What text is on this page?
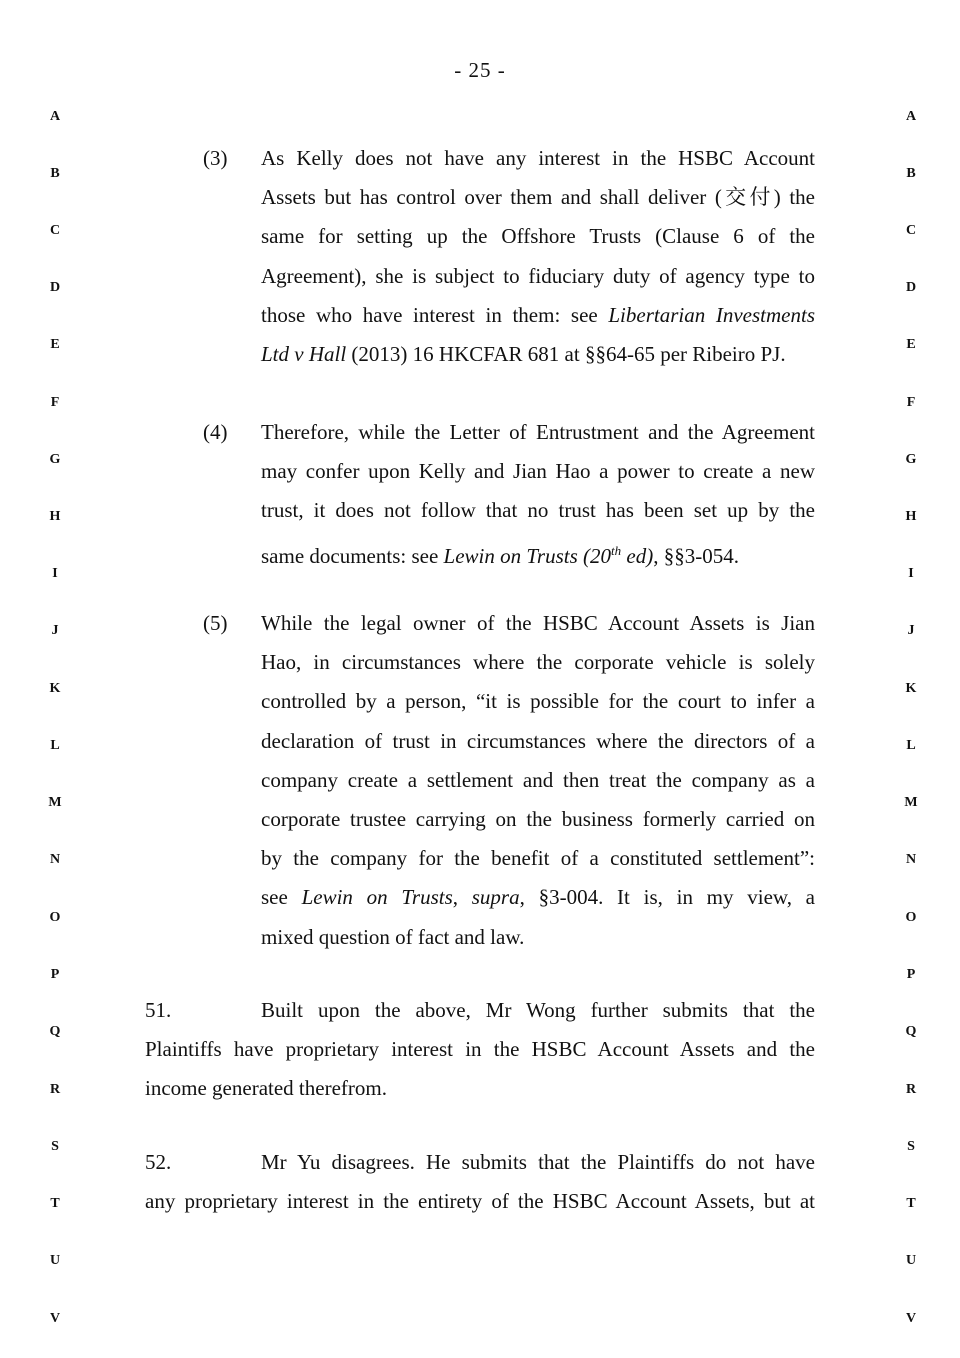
- 25 -
A
B
C
D
E
F
G
H
I
J
K
L
M
N
O
P
Q
R
S
T
U
V
A
B
C
D
E
F
G
H
I
J
K
L
M
N
O
P
Q
R
S
T
U
V
(3) As Kelly does not have any interest in the HSBC Account
Assets but has control over them and shall deliver (交付) the
same for setting up the Offshore Trusts (Clause 6 of the
Agreement), she is subject to fiduciary duty of agency type to
those who have interest in them: see Libertarian Investments
Ltd v Hall (2013) 16 HKCFAR 681 at §§64-65 per Ribeiro PJ.
(4) Therefore, while the Letter of Entrustment and the Agreement
may confer upon Kelly and Jian Hao a power to create a new
trust, it does not follow that no trust has been set up by the
same documents: see Lewin on Trusts (20th ed), §§3-054.
(5) While the legal owner of the HSBC Account Assets is Jian
Hao, in circumstances where the corporate vehicle is solely
controlled by a person, “it is possible for the court to infer a
declaration of trust in circumstances where the directors of a
company create a settlement and then treat the company as a
corporate trustee carrying on the business formerly carried on
by the company for the benefit of a constituted settlement”:
see Lewin on Trusts, supra, §3-004. It is, in my view, a
mixed question of fact and law.
51.	Built upon the above, Mr Wong further submits that the
Plaintiffs have proprietary interest in the HSBC Account Assets and the
income generated therefrom.
52.	Mr Yu disagrees. He submits that the Plaintiffs do not have
any proprietary interest in the entirety of the HSBC Account Assets, but at
